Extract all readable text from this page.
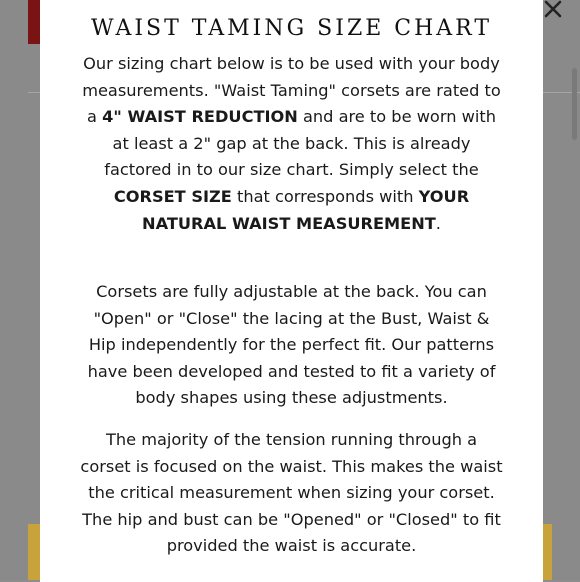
WAIST TAMING SIZE CHART
Our sizing chart below is to be used with your body measurements. "Waist Taming" corsets are rated to a 4" WAIST REDUCTION and are to be worn with at least a 2" gap at the back. This is already factored in to our size chart. Simply select the CORSET SIZE that corresponds with YOUR NATURAL WAIST MEASUREMENT.
Corsets are fully adjustable at the back. You can "Open" or "Close" the lacing at the Bust, Waist & Hip independently for the perfect fit. Our patterns have been developed and tested to fit a variety of body shapes using these adjustments.
The majority of the tension running through a corset is focused on the waist. This makes the waist the critical measurement when sizing your corset. The hip and bust can be "Opened" or "Closed" to fit provided the waist is accurate.
